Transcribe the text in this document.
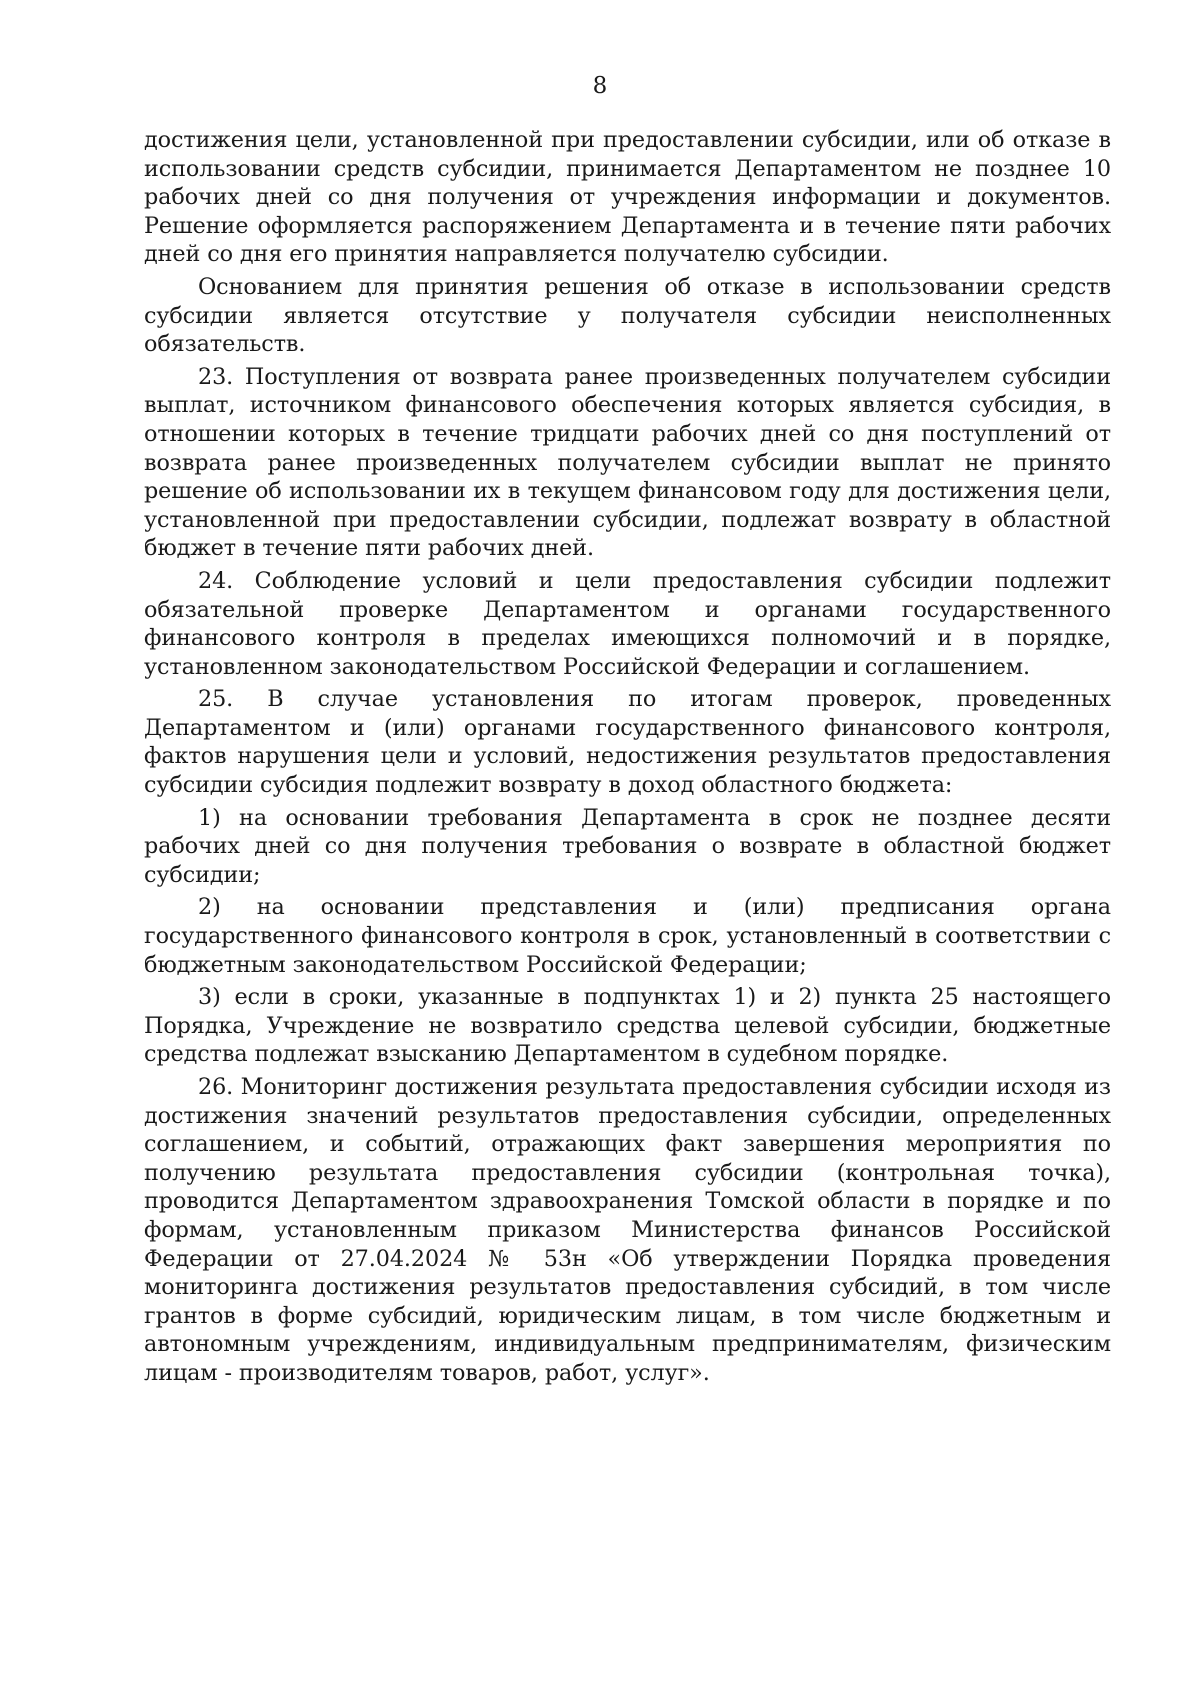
8

достижения цели, установленной при предоставлении субсидии, или об отказе в использовании средств субсидии, принимается Департаментом не позднее 10 рабочих дней со дня получения от учреждения информации и документов. Решение оформляется распоряжением Департамента и в течение пяти рабочих дней со дня его принятия направляется получателю субсидии.

Основанием для принятия решения об отказе в использовании средств субсидии является отсутствие у получателя субсидии неисполненных обязательств.

23. Поступления от возврата ранее произведенных получателем субсидии выплат, источником финансового обеспечения которых является субсидия, в отношении которых в течение тридцати рабочих дней со дня поступлений от возврата ранее произведенных получателем субсидии выплат не принято решение об использовании их в текущем финансовом году для достижения цели, установленной при предоставлении субсидии, подлежат возврату в областной бюджет в течение пяти рабочих дней.

24. Соблюдение условий и цели предоставления субсидии подлежит обязательной проверке Департаментом и органами государственного финансового контроля в пределах имеющихся полномочий и в порядке, установленном законодательством Российской Федерации и соглашением.

25. В случае установления по итогам проверок, проведенных Департаментом и (или) органами государственного финансового контроля, фактов нарушения цели и условий, недостижения результатов предоставления субсидии субсидия подлежит возврату в доход областного бюджета:

1) на основании требования Департамента в срок не позднее десяти рабочих дней со дня получения требования о возврате в областной бюджет субсидии;

2) на основании представления и (или) предписания органа государственного финансового контроля в срок, установленный в соответствии с бюджетным законодательством Российской Федерации;

3) если в сроки, указанные в подпунктах 1) и 2) пункта 25 настоящего Порядка, Учреждение не возвратило средства целевой субсидии, бюджетные средства подлежат взысканию Департаментом в судебном порядке.

26. Мониторинг достижения результата предоставления субсидии исходя из достижения значений результатов предоставления субсидии, определенных соглашением, и событий, отражающих факт завершения мероприятия по получению результата предоставления субсидии (контрольная точка), проводится Департаментом здравоохранения Томской области в порядке и по формам, установленным приказом Министерства финансов Российской Федерации от 27.04.2024 № 53н «Об утверждении Порядка проведения мониторинга достижения результатов предоставления субсидий, в том числе грантов в форме субсидий, юридическим лицам, в том числе бюджетным и автономным учреждениям, индивидуальным предпринимателям, физическим лицам - производителям товаров, работ, услуг».
